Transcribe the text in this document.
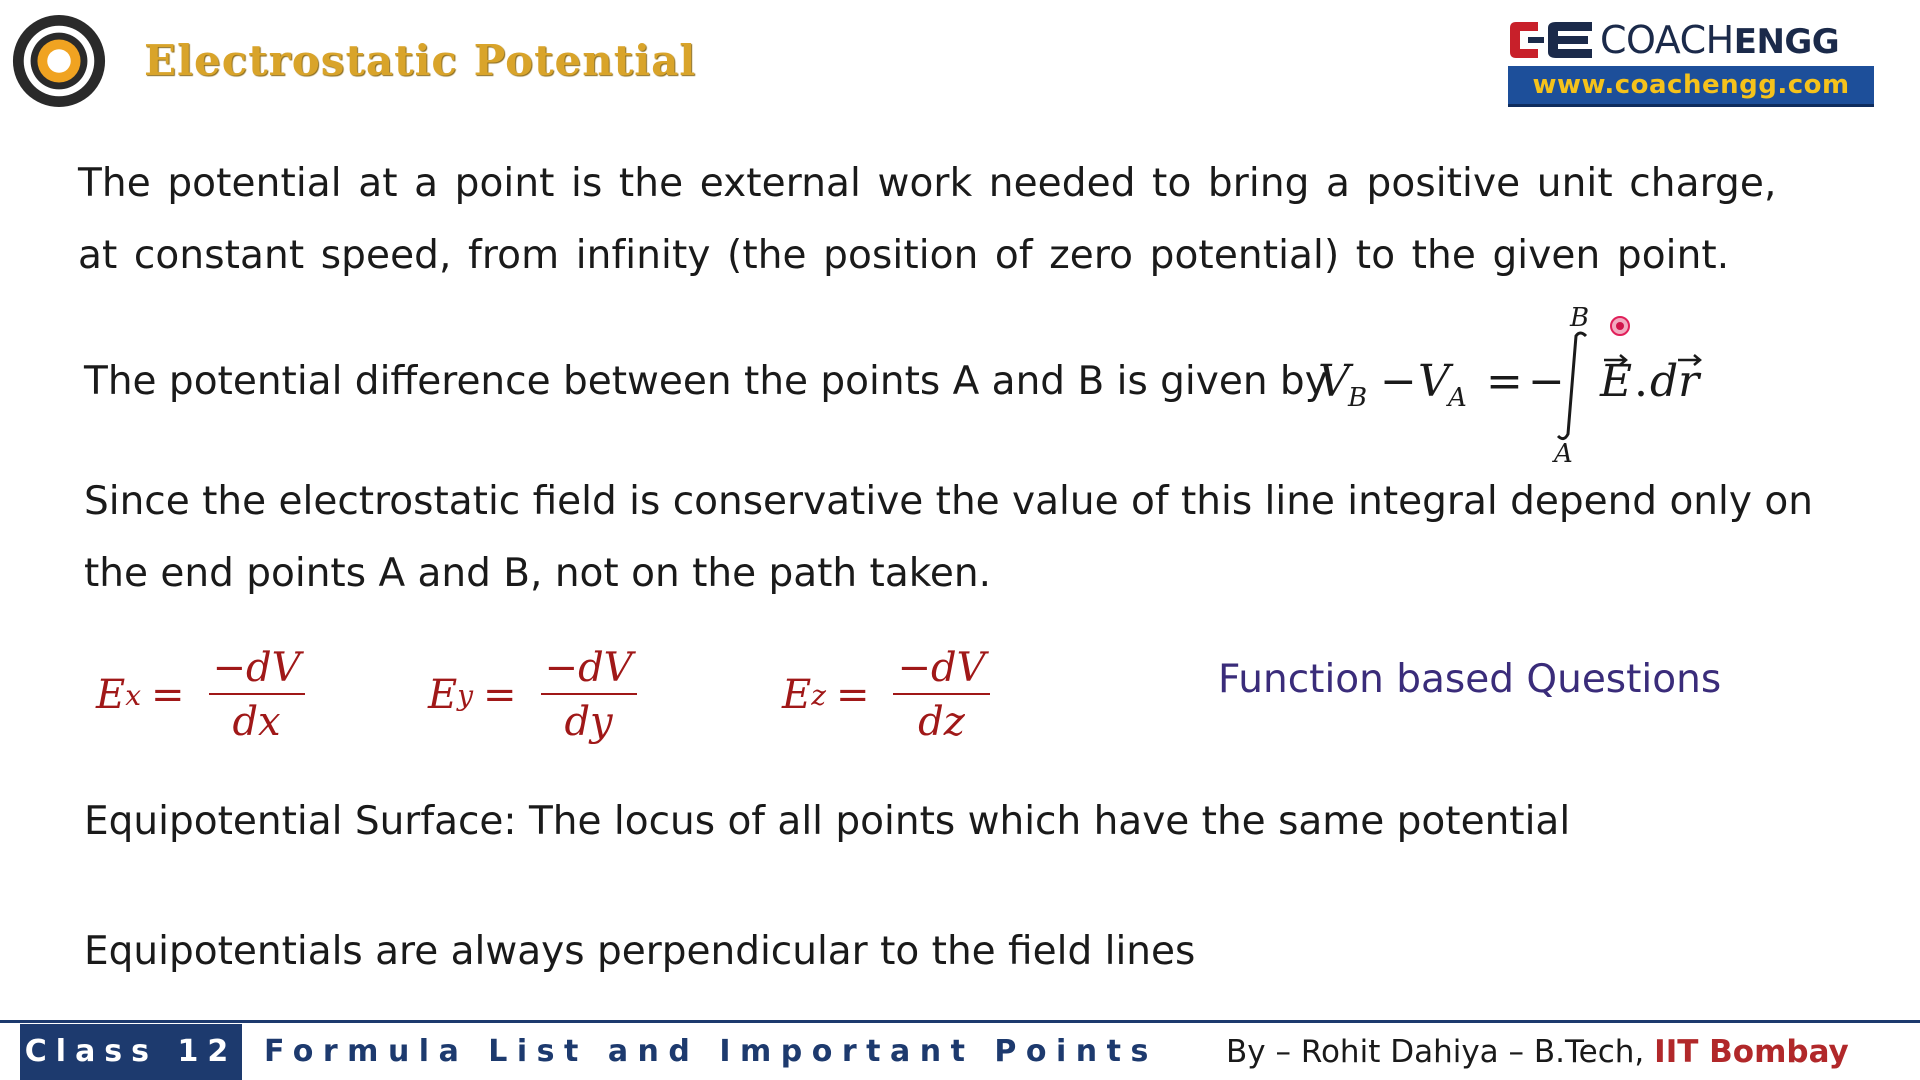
Electrostatic Potential	COACHENGG
www.coachengg.com
The potential at a point is the external work needed to bring a positive unit charge, at constant speed, from infinity (the position of zero potential) to the given point.
The potential difference between the points A and B is given by
V
B − V
A = −
B
A
E . dr
Since the electrostatic field is conservative the value of this line integral depend only on the end points A and B, not on the path taken.
E $x = \frac{-dV}{dx}$	E $y = \frac{-dV}{dy}$	E $z = \frac{-dV}{dz}$	Function based Questions
Equipotential Surface: The locus of all points which have the same potential
Equipotentials are always perpendicular to the field lines
Class 12 Formula List and Important Points By – Rohit Dahiya – B.Tech, IIT Bombay
